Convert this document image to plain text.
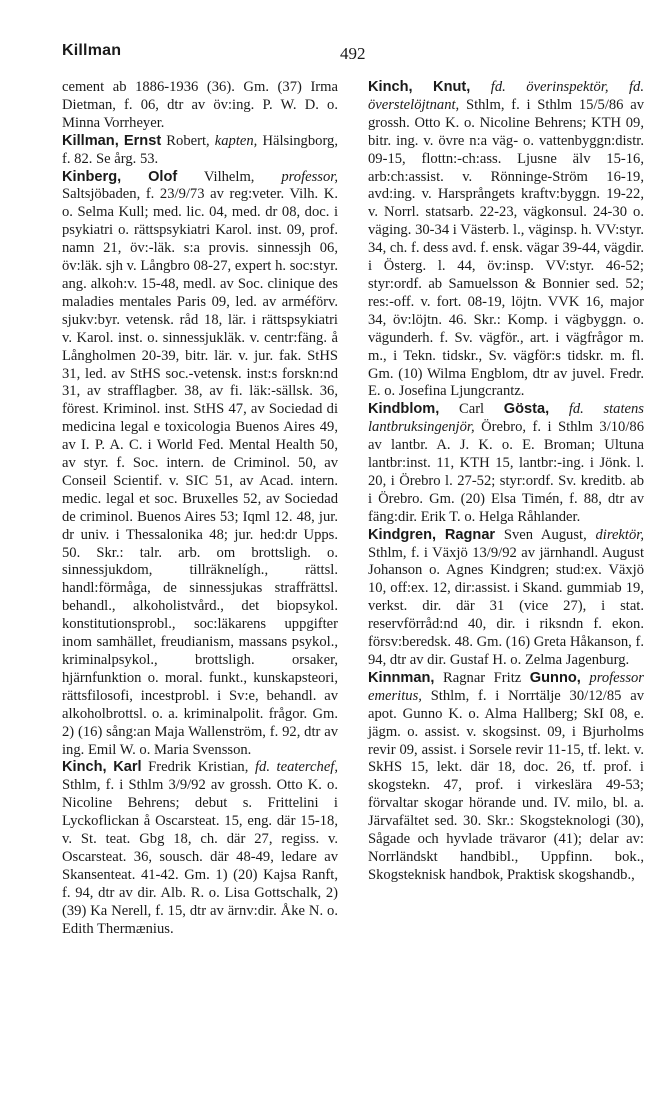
Killman	492

cement ab 1886-1936 (36). Gm. (37) Irma Dietman, f. 06, dtr av öv:ing. P. W. D. o. Minna Vorrheyer.

Killman, Ernst Robert, kapten, Hälsingborg, f. 82. Se årg. 53.

Kinberg, Olof Vilhelm, professor, Saltsjöbaden, f. 23/9/73 av reg:veter. Vilh. K. o. Selma Kull; med. lic. 04, med. dr 08, doc. i psykiatri o. rättspsykiatri Karol. inst. 09, prof. namn 21, öv:-läk. s:a provis. sinnessjh 06, öv:läk. sjh v. Långbro 08-27, expert h. soc:styr. ang. alkoh:v. 15-48, medl. av Soc. clinique des maladies mentales Paris 09, led. av arméförv. sjukv:byr. vetensk. råd 18, lär. i rättspsykiatri v. Karol. inst. o. sinnessjukläk. v. centr:fäng. å Långholmen 20-39, bitr. lär. v. jur. fak. StHS 31, led. av StHS soc.-vetensk. inst:s forskn:nd 31, av strafflagber. 38, av fi. läk:-sällsk. 36, förest. Kriminol. inst. StHS 47, av Sociedad di medicina legal e toxicologia Buenos Aires 49, av I. P. A. C. i World Fed. Mental Health 50, av styr. f. Soc. intern. de Criminol. 50, av Conseil Scientif. v. SIC 51, av Acad. intern. medic. legal et soc. Bruxelles 52, av Sociedad de criminol. Buenos Aires 53; Iqml 12. 48, jur. dr univ. i Thessalonika 48; jur. hed:dr Upps. 50. Skr.: talr. arb. om brottsligh. o. sinnessjukdom, tillräknelígh., rättsl. handl:förmåga, de sinnessjukas straffrättsl. behandl., alkoholistvård., det biopsykol. konstitutionsprobl., soc:läkarens uppgifter inom samhället, freudianism, massans psykol., kriminalpsykol., brottsligh. orsaker, hjärnfunktion o. moral. funkt., kunskapsteori, rättsfilosofi, incestprobl. i Sv:e, behandl. av alkoholbrottsl. o. a. kriminalpolit. frågor. Gm. 2) (16) sång:an Maja Wallenström, f. 92, dtr av ing. Emil W. o. Maria Svensson.

Kinch, Karl Fredrik Kristian, fd. teaterchef, Sthlm, f. i Sthlm 3/9/92 av grossh. Otto K. o. Nicoline Behrens; debut s. Frittelini i Lyckoflickan å Oscarsteat. 15, eng. där 15-18, v. St. teat. Gbg 18, ch. där 27, regiss. v. Oscarsteat. 36, sousch. där 48-49, ledare av Skansenteat. 41-42. Gm. 1) (20) Kajsa Ranft, f. 94, dtr av dir. Alb. R. o. Lisa Gottschalk, 2) (39) Ka Nerell, f. 15, dtr av ärnv:dir. Åke N. o. Edith Thermænius.

Kinch, Knut, fd. överinspektör, fd. överstelöjtnant, Sthlm, f. i Sthlm 15/5/86 av grossh. Otto K. o. Nicoline Behrens; KTH 09, bitr. ing. v. övre n:a väg- o. vattenbyggn:distr. 09-15, flottn:-ch:ass. Ljusne älv 15-16, arb:ch:assist. v. Rönninge-Ström 16-19, avd:ing. v. Harsprångets kraftv:byggn. 19-22, v. Norrl. statsarb. 22-23, vägkonsul. 24-30 o. väging. 30-34 i Västerb. l., väginsp. h. VV:styr. 34, ch. f. dess avd. f. ensk. vägar 39-44, vägdir. i Österg. l. 44, öv:insp. VV:styr. 46-52; styr:ordf. ab Samuelsson & Bonnier sed. 52; res:-off. v. fort. 08-19, löjtn. VVK 16, major 34, öv:löjtn. 46. Skr.: Komp. i vägbyggn. o. vägunderh. f. Sv. vägför., art. i vägfrågor m. m., i Tekn. tidskr., Sv. vägför:s tidskr. m. fl. Gm. (10) Wilma Engblom, dtr av juvel. Fredr. E. o. Josefina Ljungcrantz.

Kindblom, Carl Gösta, fd. statens lantbruksingenjör, Örebro, f. i Sthlm 3/10/86 av lantbr. A. J. K. o. E. Broman; Ultuna lantbr:inst. 11, KTH 15, lantbr:-ing. i Jönk. l. 20, i Örebro l. 27-52; styr:ordf. Sv. kreditb. ab i Örebro. Gm. (20) Elsa Timén, f. 88, dtr av fäng:dir. Erik T. o. Helga Råhlander.

Kindgren, Ragnar Sven August, direktör, Sthlm, f. i Växjö 13/9/92 av järnhandl. August Johanson o. Agnes Kindgren; stud:ex. Växjö 10, off:ex. 12, dir:assist. i Skand. gummiab 19, verkst. dir. där 31 (vice 27), i stat. reservförråd:nd 40, dir. i riksndn f. ekon. försv:beredsk. 48. Gm. (16) Greta Håkanson, f. 94, dtr av dir. Gustaf H. o. Zelma Jagenburg.

Kinnman, Ragnar Fritz Gunno, professor emeritus, Sthlm, f. i Norrtälje 30/12/85 av apot. Gunno K. o. Alma Hallberg; SkI 08, e. jägm. o. assist. v. skogsinst. 09, i Bjurholms revir 09, assist. i Sorsele revir 11-15, tf. lekt. v. SkHS 15, lekt. där 18, doc. 26, tf. prof. i skogstekn. 47, prof. i virkeslära 49-53; förvaltar skogar hörande und. IV. milo, bl. a. Järvafältet sed. 30. Skr.: Skogsteknologi (30), Sågade och hyvlade trävaror (41); delar av: Norrländskt handbibl., Uppfinn. bok., Skogsteknisk handbok, Praktisk skogshandb.,
